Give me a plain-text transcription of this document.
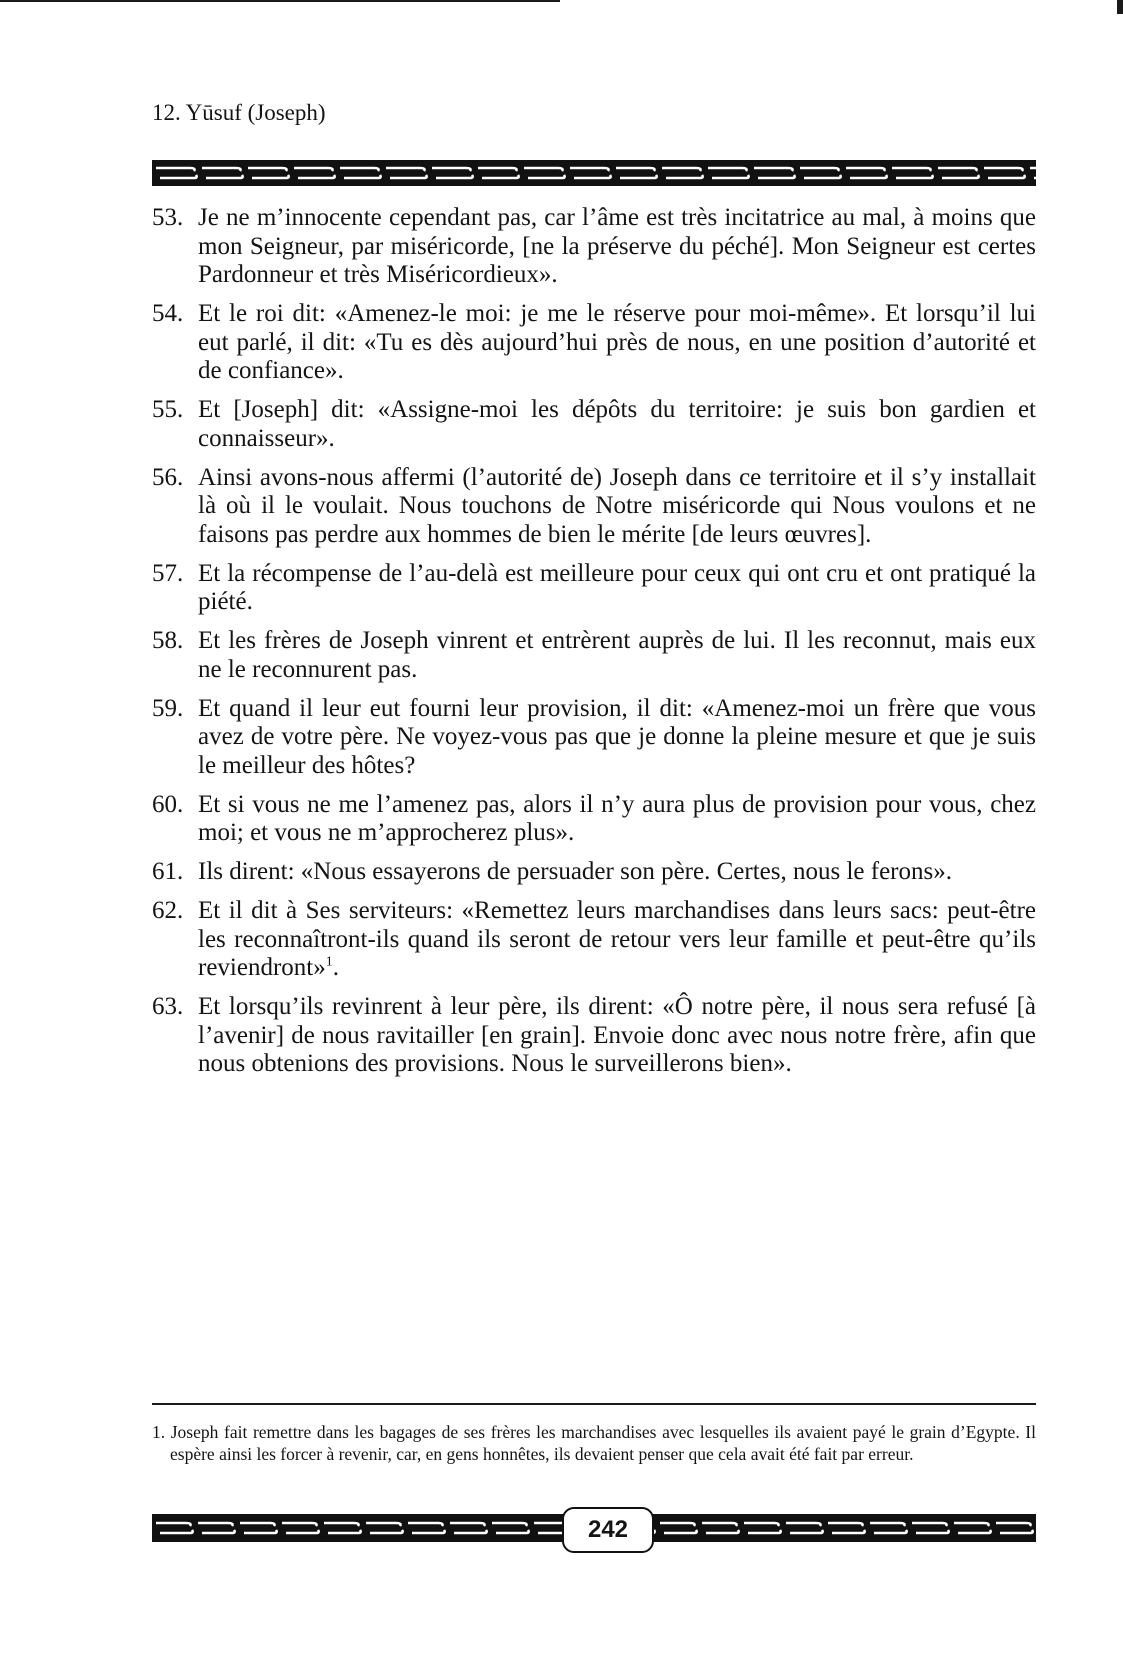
12. Yūsuf (Joseph)
53. Je ne m’innocente cependant pas, car l’âme est très incitatrice au mal, à moins que mon Seigneur, par miséricorde, [ne la préserve du péché]. Mon Seigneur est certes Pardonneur et très Miséricordieux».
54. Et le roi dit: «Amenez-le moi: je me le réserve pour moi-même». Et lorsqu’il lui eut parlé, il dit: «Tu es dès aujourd’hui près de nous, en une position d’autorité et de confiance».
55. Et [Joseph] dit: «Assigne-moi les dépôts du territoire: je suis bon gardien et connaisseur».
56. Ainsi avons-nous affermi (l’autorité de) Joseph dans ce territoire et il s’y installait là où il le voulait. Nous touchons de Notre miséricorde qui Nous voulons et ne faisons pas perdre aux hommes de bien le mérite [de leurs œuvres].
57. Et la récompense de l’au-delà est meilleure pour ceux qui ont cru et ont pratiqué la piété.
58. Et les frères de Joseph vinrent et entrèrent auprès de lui. Il les reconnut, mais eux ne le reconnurent pas.
59. Et quand il leur eut fourni leur provision, il dit: «Amenez-moi un frère que vous avez de votre père. Ne voyez-vous pas que je donne la pleine mesure et que je suis le meilleur des hôtes?
60. Et si vous ne me l’amenez pas, alors il n’y aura plus de provision pour vous, chez moi; et vous ne m’approcherez plus».
61. Ils dirent: «Nous essayerons de persuader son père. Certes, nous le ferons».
62. Et il dit à Ses serviteurs: «Remettez leurs marchandises dans leurs sacs: peut-être les reconnaîtront-ils quand ils seront de retour vers leur famille et peut-être qu’ils reviendront»$^1$.
63. Et lorsqu’ils revinrent à leur père, ils dirent: «Ô notre père, il nous sera refusé [à l’avenir] de nous ravitailler [en grain]. Envoie donc avec nous notre frère, afin que nous obtenions des provisions. Nous le surveillerons bien».
1. Joseph fait remettre dans les bagages de ses frères les marchandises avec lesquelles ils avaient payé le grain d’Egypte. Il espère ainsi les forcer à revenir, car, en gens honnêtes, ils devaient penser que cela avait été fait par erreur.
242
